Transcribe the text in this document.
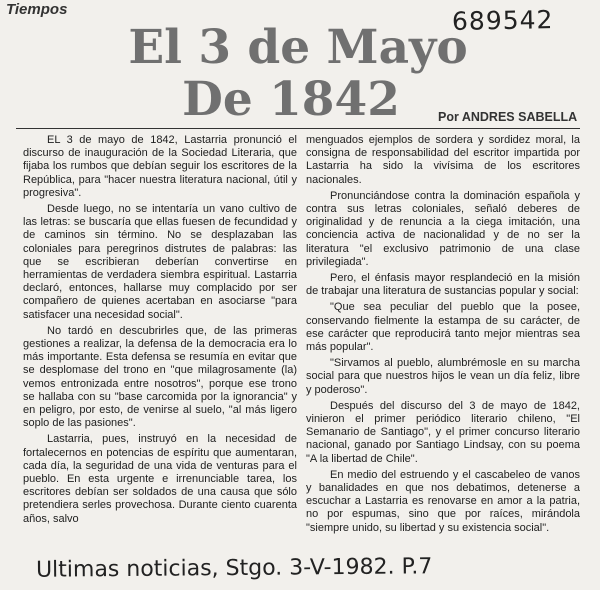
Tiempos	689542
El 3 de Mayo
De 1842	Por ANDRES SABELLA

EL 3 de mayo de 1842, Lastarria pronunció el discurso de inauguración de la Sociedad Literaria, que fijaba los rumbos que debían seguir los escritores de la República, para "hacer nuestra literatura nacional, útil y progresiva".

Desde luego, no se intentaría un vano cultivo de las letras: se buscaría que ellas fuesen de fecundidad y de caminos sin término. No se desplazaban las coloniales para peregrinos distrutes de palabras: las que se escribieran deberían convertirse en herramientas de verdadera siembra espiritual. Lastarria declaró, entonces, hallarse muy complacido por ser compañero de quienes acertaban en asociarse "para satisfacer una necesidad social".

No tardó en descubrirles que, de las primeras gestiones a realizar, la defensa de la democracia era lo más importante. Esta defensa se resumía en evitar que se desplomase del trono en "que milagrosamente (la) vemos entronizada entre nosotros", porque ese trono se hallaba con su "base carcomida por la ignorancia" y en peligro, por esto, de venirse al suelo, "al más ligero soplo de las pasiones".

Lastarria, pues, instruyó en la necesidad de fortalecernos en potencias de espíritu que aumentaran, cada día, la seguridad de una vida de venturas para el pueblo. En esta urgente e irrenunciable tarea, los escritores debían ser soldados de una causa que sólo pretendiera serles provechosa. Durante ciento cuarenta años, salvo

menguados ejemplos de sordera y sordidez moral, la consigna de responsabilidad del escritor impartida por Lastarria ha sido la vivísima de los escritores nacionales.

Pronunciándose contra la dominación española y contra sus letras coloniales, señaló deberes de originalidad y de renuncia a la ciega imitación, una conciencia activa de nacionalidad y de no ser la literatura "el exclusivo patrimonio de una clase privilegiada".

Pero, el énfasis mayor resplandeció en la misión de trabajar una literatura de sustancias popular y social:

"Que sea peculiar del pueblo que la posee, conservando fielmente la estampa de su carácter, de ese carácter que reproducirá tanto mejor mientras sea más popular".

"Sirvamos al pueblo, alumbrémosle en su marcha social para que nuestros hijos le vean un día feliz, libre y poderoso".

Después del discurso del 3 de mayo de 1842, vinieron el primer periódico literario chileno, "El Semanario de Santiago", y el primer concurso literario nacional, ganado por Santiago Lindsay, con su poema "A la libertad de Chile".

En medio del estruendo y el cascabeleo de vanos y banalidades en que nos debatimos, detenerse a escuchar a Lastarria es renovarse en amor a la patria, no por espumas, sino que por raíces, mirándola "siempre unido, su libertad y su existencia social".

Ultimas noticias, Stgo. 3-V-1982. P.7
